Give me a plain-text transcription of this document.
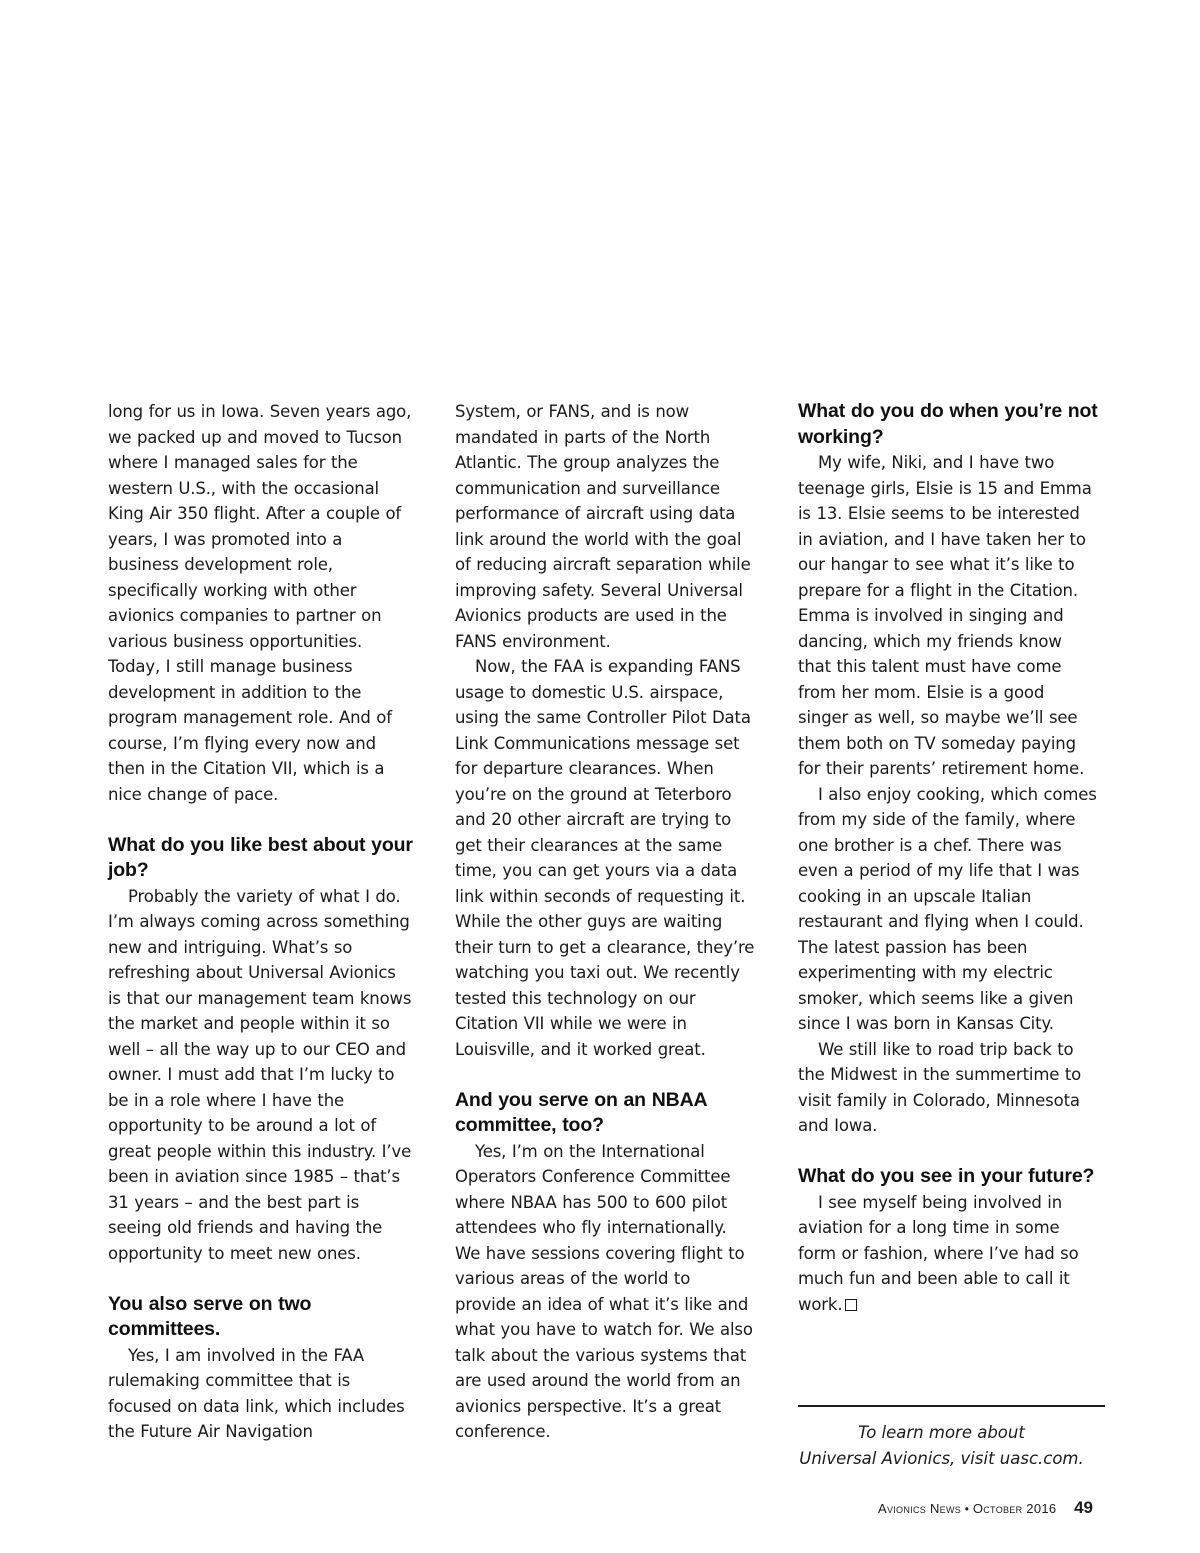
long for us in Iowa. Seven years ago, we packed up and moved to Tucson where I managed sales for the western U.S., with the occasional King Air 350 flight. After a couple of years, I was promoted into a business development role, specifically working with other avionics companies to partner on various business opportunities. Today, I still manage business development in addition to the program management role. And of course, I’m flying every now and then in the Citation VII, which is a nice change of pace.

What do you like best about your job?

Probably the variety of what I do. I’m always coming across something new and intriguing. What’s so refreshing about Universal Avionics is that our management team knows the market and people within it so well – all the way up to our CEO and owner. I must add that I’m lucky to be in a role where I have the opportunity to be around a lot of great people within this industry. I’ve been in aviation since 1985 – that’s 31 years – and the best part is seeing old friends and having the opportunity to meet new ones.

You also serve on two committees.

Yes, I am involved in the FAA rulemaking committee that is focused on data link, which includes the Future Air Navigation

System, or FANS, and is now mandated in parts of the North Atlantic. The group analyzes the communication and surveillance performance of aircraft using data link around the world with the goal of reducing aircraft separation while improving safety. Several Universal Avionics products are used in the FANS environment.

Now, the FAA is expanding FANS usage to domestic U.S. airspace, using the same Controller Pilot Data Link Communications message set for departure clearances. When you’re on the ground at Teterboro and 20 other aircraft are trying to get their clearances at the same time, you can get yours via a data link within seconds of requesting it. While the other guys are waiting their turn to get a clearance, they’re watching you taxi out. We recently tested this technology on our Citation VII while we were in Louisville, and it worked great.

And you serve on an NBAA committee, too?

Yes, I’m on the International Operators Conference Committee where NBAA has 500 to 600 pilot attendees who fly internationally. We have sessions covering flight to various areas of the world to provide an idea of what it’s like and what you have to watch for. We also talk about the various systems that are used around the world from an avionics perspective. It’s a great conference.

What do you do when you’re not working?

My wife, Niki, and I have two teenage girls, Elsie is 15 and Emma is 13. Elsie seems to be interested in aviation, and I have taken her to our hangar to see what it’s like to prepare for a flight in the Citation. Emma is involved in singing and dancing, which my friends know that this talent must have come from her mom. Elsie is a good singer as well, so maybe we’ll see them both on TV someday paying for their parents’ retirement home.

I also enjoy cooking, which comes from my side of the family, where one brother is a chef. There was even a period of my life that I was cooking in an upscale Italian restaurant and flying when I could. The latest passion has been experimenting with my electric smoker, which seems like a given since I was born in Kansas City.

We still like to road trip back to the Midwest in the summertime to visit family in Colorado, Minnesota and Iowa.

What do you see in your future?

I see myself being involved in aviation for a long time in some form or fashion, where I’ve had so much fun and been able to call it work.

To learn more about
Universal Avionics, visit uasc.com.
Avionics News • October 2016 49
